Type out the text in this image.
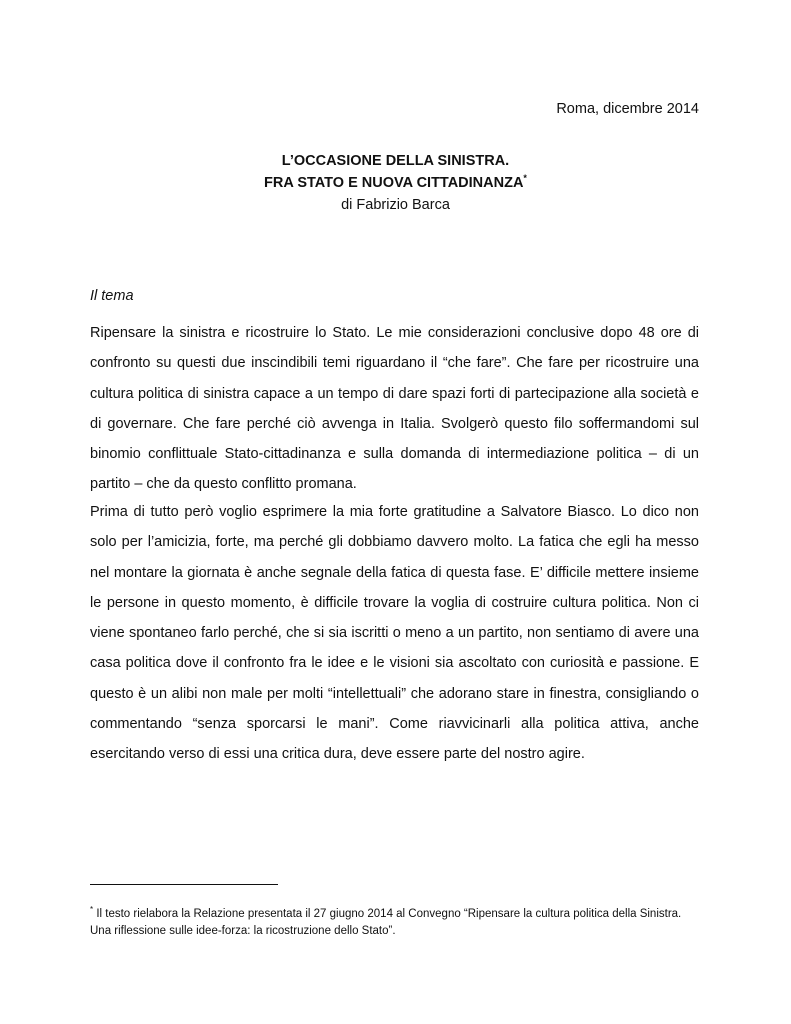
Roma, dicembre 2014
L’OCCASIONE DELLA SINISTRA.
FRA STATO E NUOVA CITTADINANZA*
di Fabrizio Barca
Il tema

Ripensare la sinistra e ricostruire lo Stato. Le mie considerazioni conclusive dopo 48 ore di confronto su questi due inscindibili temi riguardano il “che fare”. Che fare per ricostruire una cultura politica di sinistra capace a un tempo di dare spazi forti di partecipazione alla società e di governare. Che fare perché ciò avvenga in Italia. Svolgerò questo filo soffermandomi sul binomio conflittuale Stato-cittadinanza e sulla domanda di intermediazione politica – di un partito – che da questo conflitto promana.

Prima di tutto però voglio esprimere la mia forte gratitudine a Salvatore Biasco. Lo dico non solo per l’amicizia, forte, ma perché gli dobbiamo davvero molto. La fatica che egli ha messo nel montare la giornata è anche segnale della fatica di questa fase. E’ difficile mettere insieme le persone in questo momento, è difficile trovare la voglia di costruire cultura politica. Non ci viene spontaneo farlo perché, che si sia iscritti o meno a un partito, non sentiamo di avere una casa politica dove il confronto fra le idee e le visioni sia ascoltato con curiosità e passione. E questo è un alibi non male per molti “intellettuali” che adorano stare in finestra, consigliando o commentando “senza sporcarsi le mani”. Come riavvicinarli alla politica attiva, anche esercitando verso di essi una critica dura, deve essere parte del nostro agire.

* Il testo rielabora la Relazione presentata il 27 giugno 2014 al Convegno “Ripensare la cultura politica della Sinistra. Una riflessione sulle idee-forza: la ricostruzione dello Stato”.
